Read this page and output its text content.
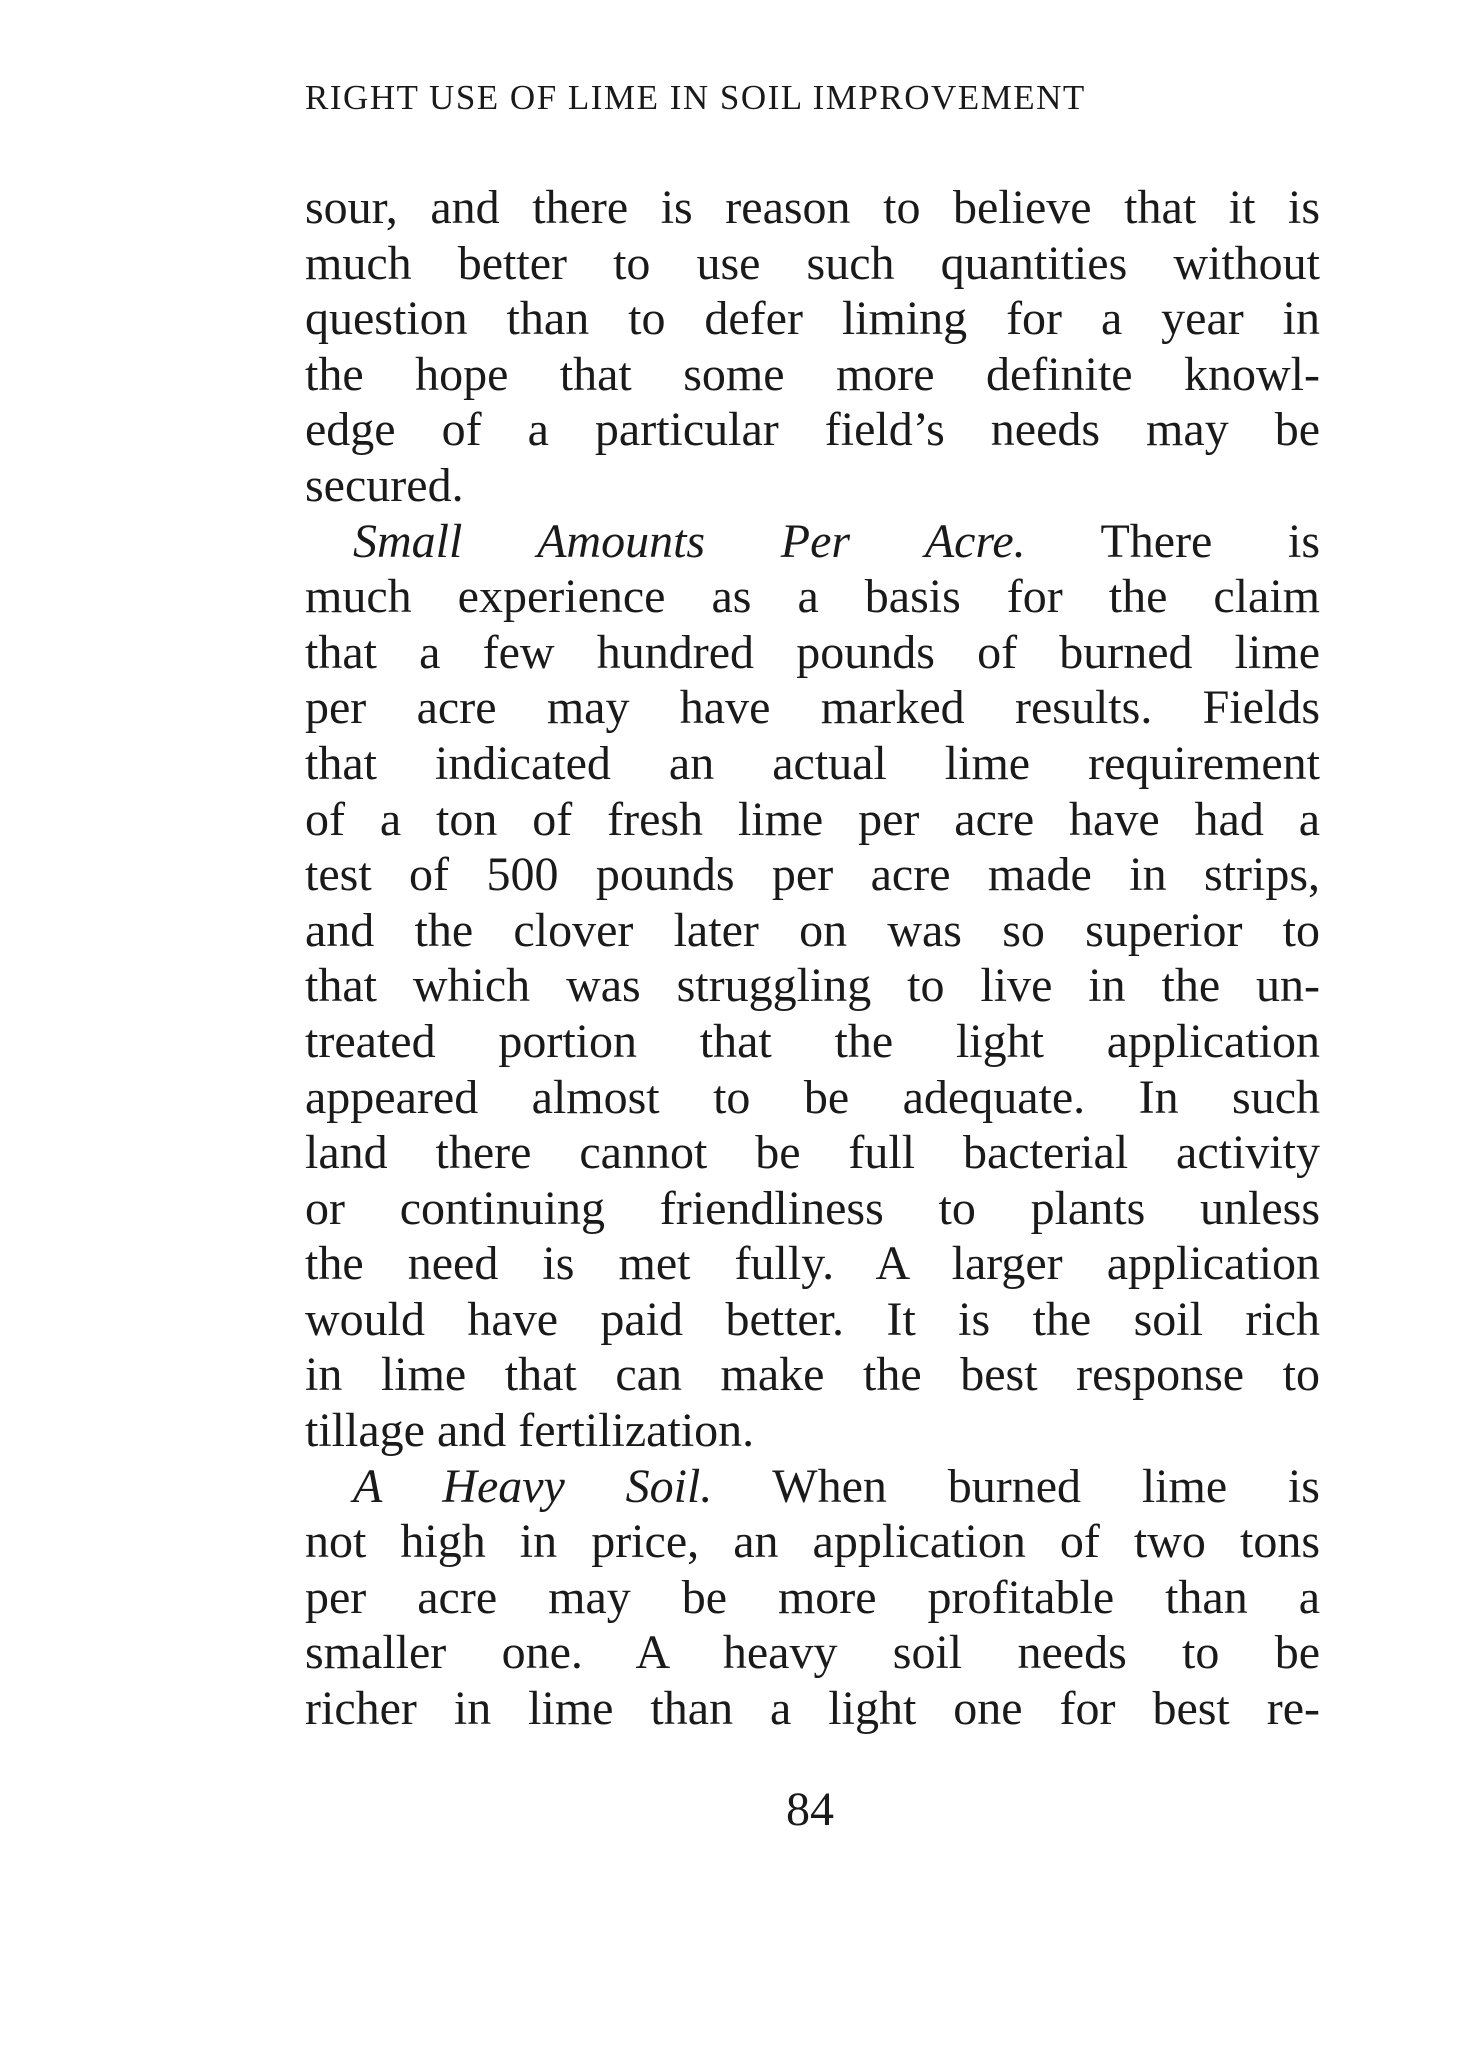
RIGHT USE OF LIME IN SOIL IMPROVEMENT
sour, and there is reason to believe that it is
much better to use such quantities without
question than to defer liming for a year in
the hope that some more definite knowl-
edge of a particular field’s needs may be
secured.
Small Amounts Per Acre. There is
much experience as a basis for the claim
that a few hundred pounds of burned lime
per acre may have marked results. Fields
that indicated an actual lime requirement
of a ton of fresh lime per acre have had a
test of 500 pounds per acre made in strips,
and the clover later on was so superior to
that which was struggling to live in the un-
treated portion that the light application
appeared almost to be adequate. In such
land there cannot be full bacterial activity
or continuing friendliness to plants unless
the need is met fully. A larger application
would have paid better. It is the soil rich
in lime that can make the best response to
tillage and fertilization.
A Heavy Soil. When burned lime is
not high in price, an application of two tons
per acre may be more profitable than a
smaller one. A heavy soil needs to be
richer in lime than a light one for best re-
84
